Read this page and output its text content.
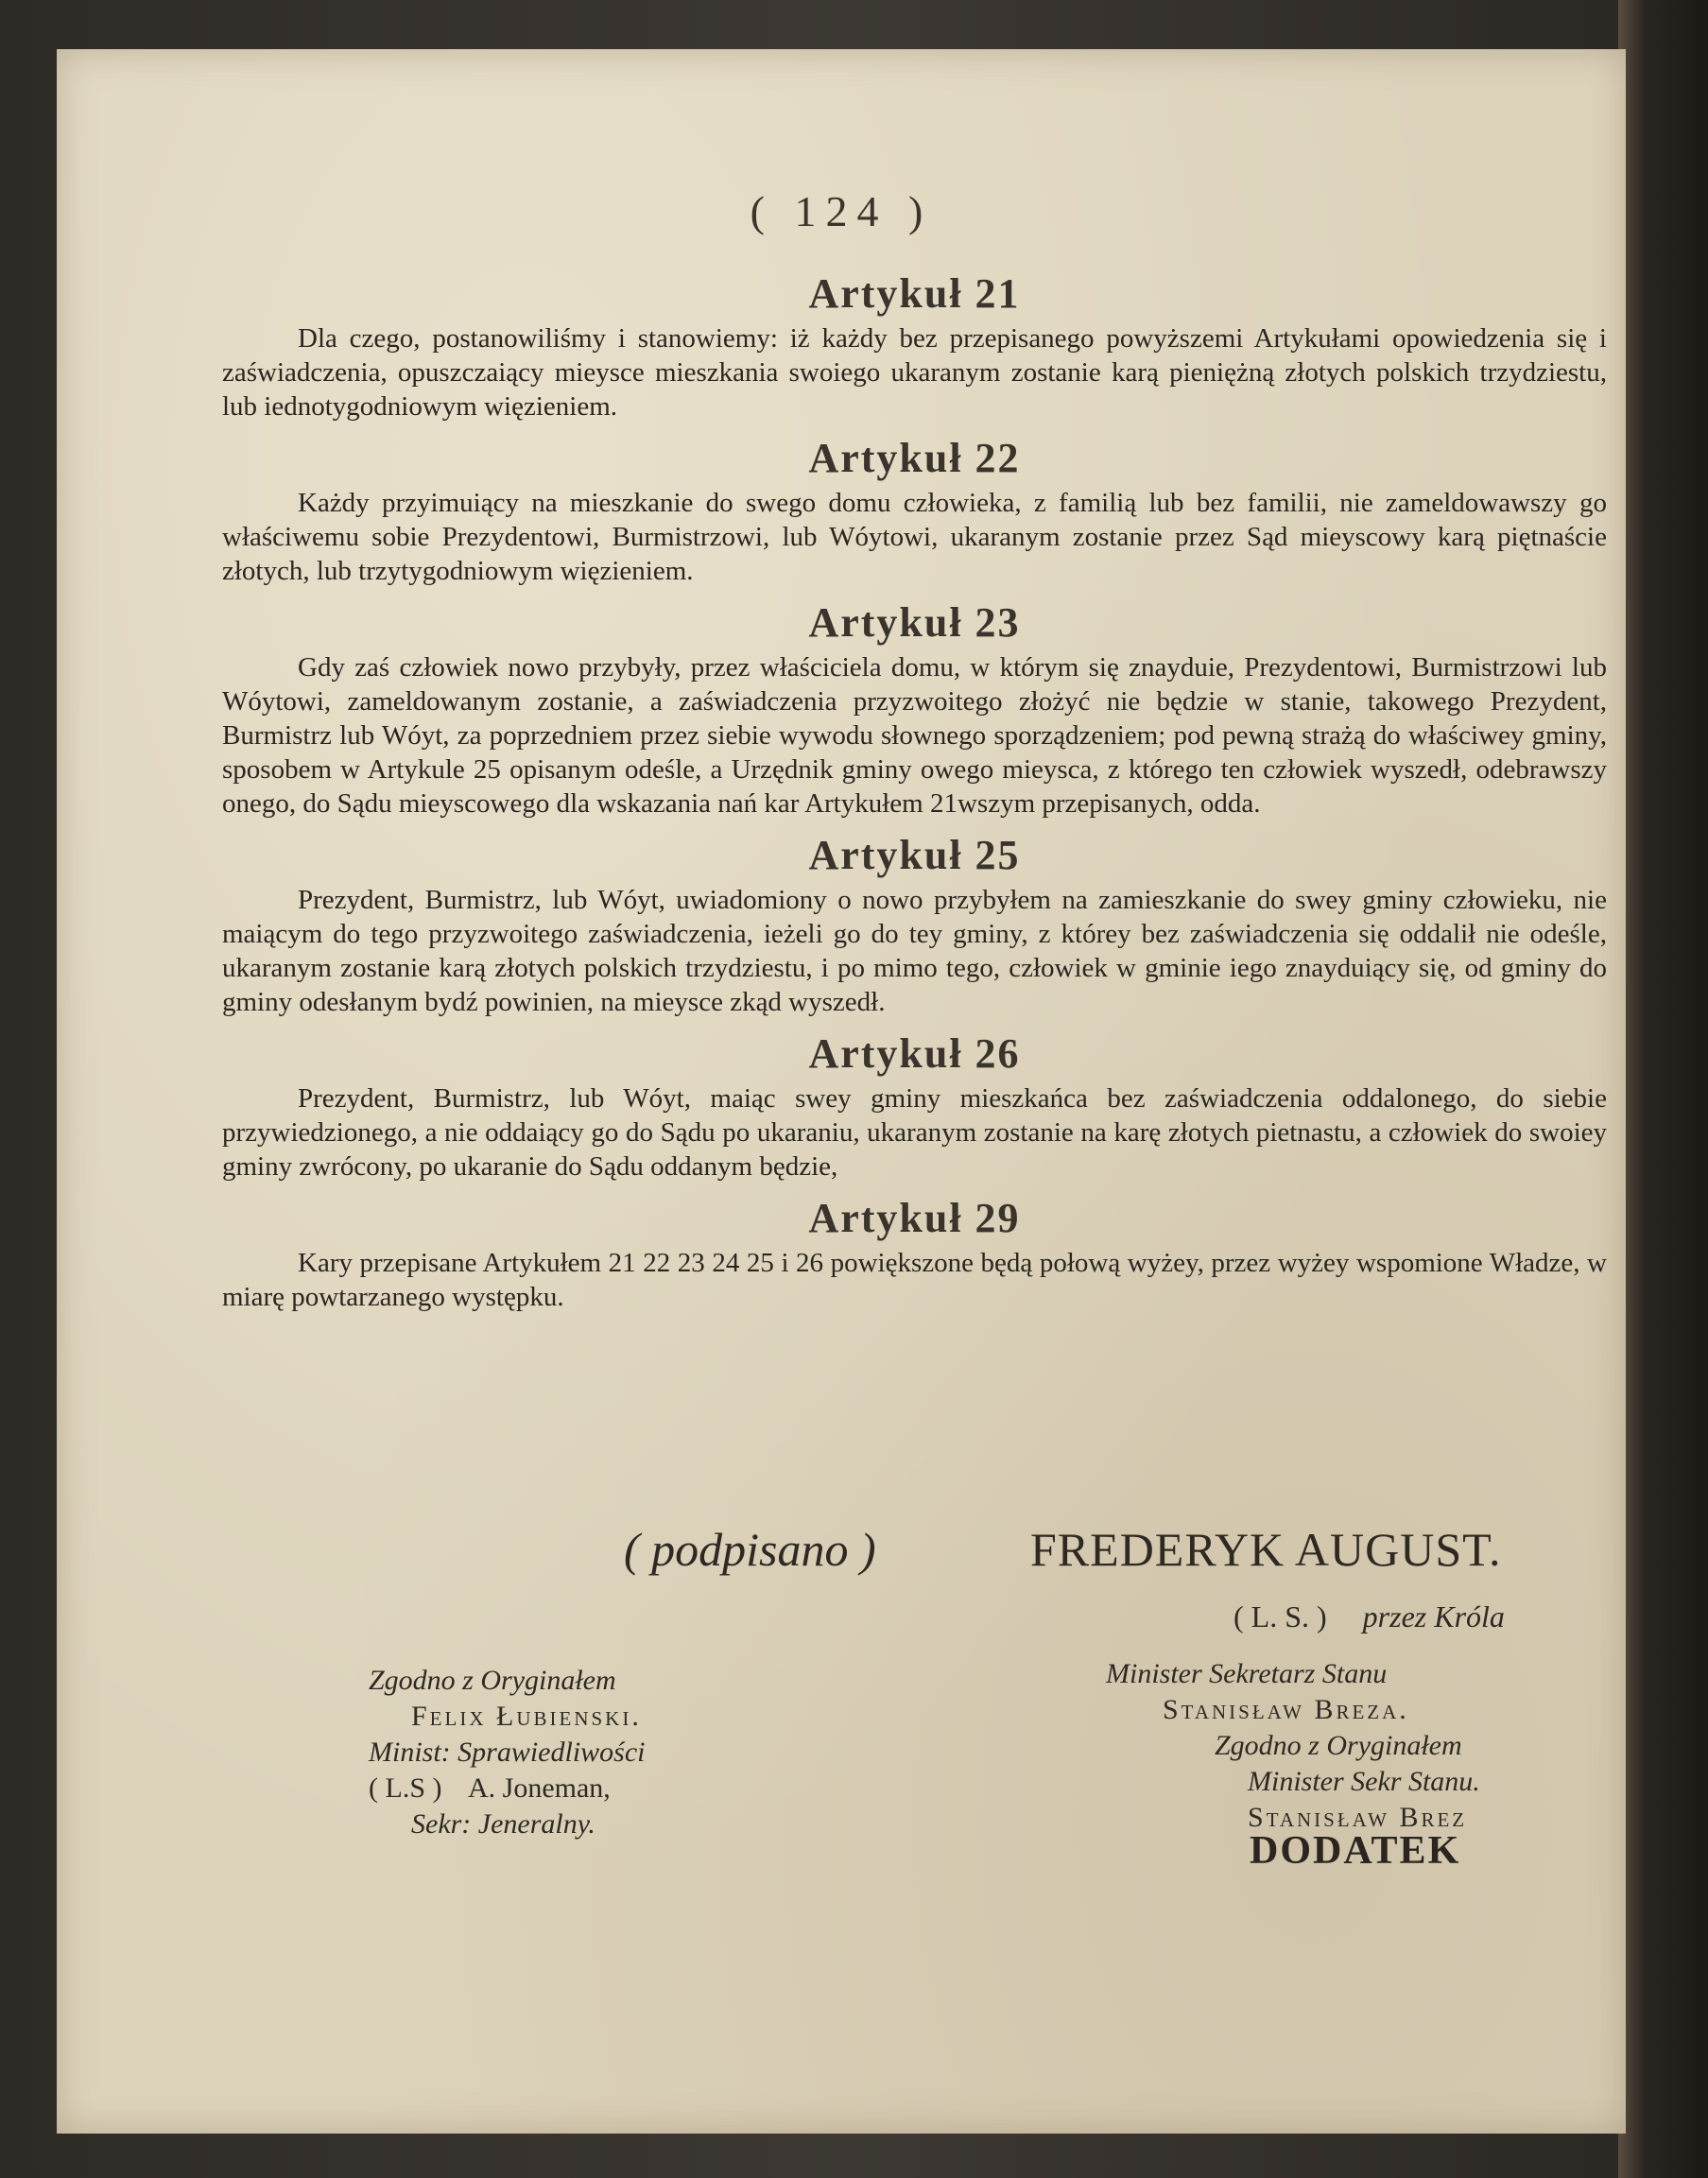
( 124 )
Artykuł 21

Dla czego, postanowiliśmy i stanowiemy: iż każdy bez przepisanego powyższemi Artykułami opowiedzenia się i zaświadczenia, opuszczaiący mieysce mieszkania swoiego ukaranym zostanie karą pieniężną złotych polskich trzydziestu, lub iednotygodniowym więzieniem.

Artykuł 22

Każdy przyimuiący na mieszkanie do swego domu człowieka, z familią lub bez familii, nie zameldowawszy go właściwemu sobie Prezydentowi, Burmistrzowi, lub Wóytowi, ukaranym zostanie przez Sąd mieyscowy karą piętnaście złotych, lub trzytygodniowym więzieniem.

Artykuł 23

Gdy zaś człowiek nowo przybyły, przez właściciela domu, w którym się znayduie, Prezydentowi, Burmistrzowi lub Wóytowi, zameldowanym zostanie, a zaświadczenia przyzwoitego złożyć nie będzie w stanie, takowego Prezydent, Burmistrz lub Wóyt, za poprzedniem przez siebie wywodu słownego sporządzeniem; pod pewną strażą do właściwey gminy, sposobem w Artykule 25 opisanym odeśle, a Urzędnik gminy owego mieysca, z którego ten człowiek wyszedł, odebrawszy onego, do Sądu mieyscowego dla wskazania nań kar Artykułem 21wszym przepisanych, odda.

Artykuł 25

Prezydent, Burmistrz, lub Wóyt, uwiadomiony o nowo przybyłem na zamieszkanie do swey gminy człowieku, nie maiącym do tego przyzwoitego zaświadczenia, ieżeli go do tey gminy, z którey bez zaświadczenia się oddalił nie odeśle, ukaranym zostanie karą złotych polskich trzydziestu, i po mimo tego, człowiek w gminie iego znayduiący się, od gminy do gminy odesłanym bydź powinien, na mieysce zkąd wyszedł.

Artykuł 26

Prezydent, Burmistrz, lub Wóyt, maiąc swey gminy mieszkańca bez zaświadczenia oddalonego, do siebie przywiedzionego, a nie oddaiący go do Sądu po ukaraniu, ukaranym zostanie na karę złotych pietnastu, a człowiek do swoiey gminy zwrócony, po ukaranie do Sądu oddanym będzie,

Artykuł 29

Kary przepisane Artykułem 21 22 23 24 25 i 26 powiększone będą połową wyżey, przez wyżey wspomione Władze, w miarę powtarzanego występku.

( podpisano )	FREDERYK AUGUST.
( L. S. ) przez Króla
Zgodno z Oryginałem
Felix Łubienski.
Minist: Sprawiedliwości
( L.S ) A. Joneman,
Sekr: Jeneralny.
Minister Sekretarz Stanu
Stanisław Breza.
Zgodno z Oryginałem
Minister Sekr Stanu.
Stanisław Brez
DODATEK
